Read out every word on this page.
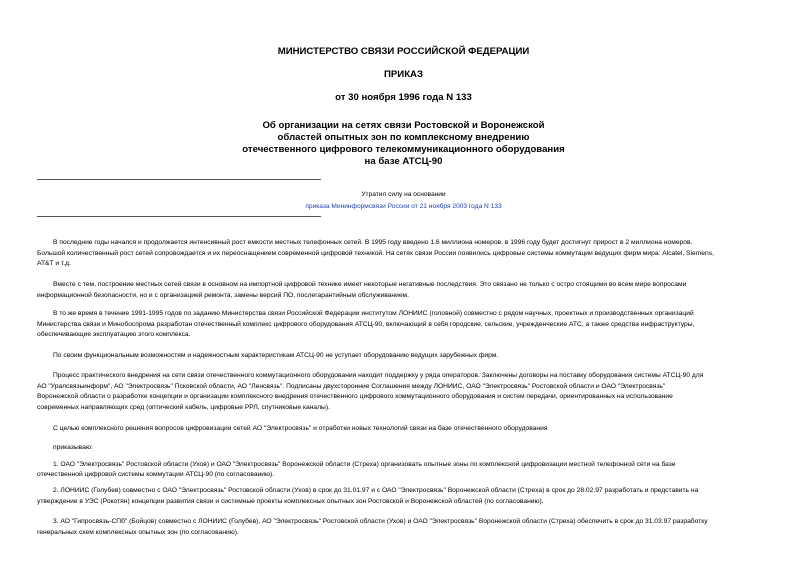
МИНИСТЕРСТВО СВЯЗИ РОССИЙСКОЙ ФЕДЕРАЦИИ
ПРИКАЗ
от 30 ноября 1996 года N 133
Об организации на сетях связи Ростовской и Воронежской
областей опытных зон по комплексному внедрению
отечественного цифрового телекоммуникационного оборудования
на базе АТСЦ-90
Утратил силу на основании
приказа Мининформсвязи России от 21 ноября 2003 года N 133

В последние годы начался и продолжается интенсивный рост емкости местных телефонных сетей. В 1995 году введено 1.6 миллиона номеров, в 1996 году будет достигнут прирост в 2 миллиона номеров.
Большой количественный рост сетей сопровождается и их переоснащением современной цифровой техникой. На сетях связи России появились цифровые системы коммутации ведущих фирм мира: Alcatel, Siemens,
AT&T и т.д.

Вместе с тем, построение местных сетей связи в основном на импортной цифровой технике имеет некоторые негативные последствия. Это связано не только с остро стоящими во всем мире вопросами
информационной безопасности, но и с организацией ремонта, замены версий ПО, послегарантийным обслуживанием.

В то же время в течение 1991-1995 годов по заданию Министерства связи Российской Федерации институтом ЛОНИИС (головной) совместно с рядом научных, проектных и производственных организаций
Министерства связи и Минобоспрома разработан отечественный комплекс цифрового оборудования АТСЦ-90, включающий в себя городские, сельские, учрежденческие АТС, а также средства инфраструктуры,
обеспечивающие эксплуатацию этого комплекса.

По своим функциональным возможностям и надежностным характеристикам АТСЦ-90 не уступает оборудованию ведущих зарубежных фирм.

Процесс практического внедрения на сети связи отечественного коммутационного оборудования находит поддержку у ряда операторов. Заключены договоры на поставку оборудования системы АТСЦ-90 для
АО "Уралсвязьинформ", АО "Электросвязь" Псковской области, АО "Ленсвязь". Подписаны двухсторонние Соглашения между ЛОНИИС, ОАО "Электросвязь" Ростовской области и ОАО "Электросвязь"
Воронежской области о разработке концепции и организации комплексного внедрения отечественного цифрового коммутационного оборудования и систем передачи, ориентированных на использование
современных направляющих сред (оптический кабель, цифровые РРЛ, спутниковые каналы).

С целью комплексного решения вопросов цифровизации сетей АО "Электросвязь" и отработки новых технологий связи на базе отечественного оборудования

приказываю:
1. ОАО "Электросвязь" Ростовской области (Ухов) и ОАО "Электросвязь" Воронежской области (Стреха) организовать опытные зоны по комплексной цифровизации местной телефонной сети на базе
отечественной цифровой системы коммутации АТСЦ-90 (по согласованию).

2. ЛОНИИС (Голубев) совместно с ОАО "Электросвязь" Ростовской области (Ухов) в срок до 31.01.97 и с ОАО "Электросвязь" Воронежской области (Стреха) в срок до 28.02.97 разработать и представить на
утверждение в УЭС (Рокотян) концепции развития связи и системные проекты комплексных опытных зон Ростовской и Воронежской областей (по согласованию).

3. АО "Гипросвязь-СПб" (Бойцов) совместно с ЛОНИИС (Голубев), АО "Электросвязь" Ростовской области (Ухов) и ОАО "Электросвязь" Воронежской области (Стреха) обеспечить в срок до 31.03.97 разработку
генеральных схем комплексных опытных зон (по согласованию).
